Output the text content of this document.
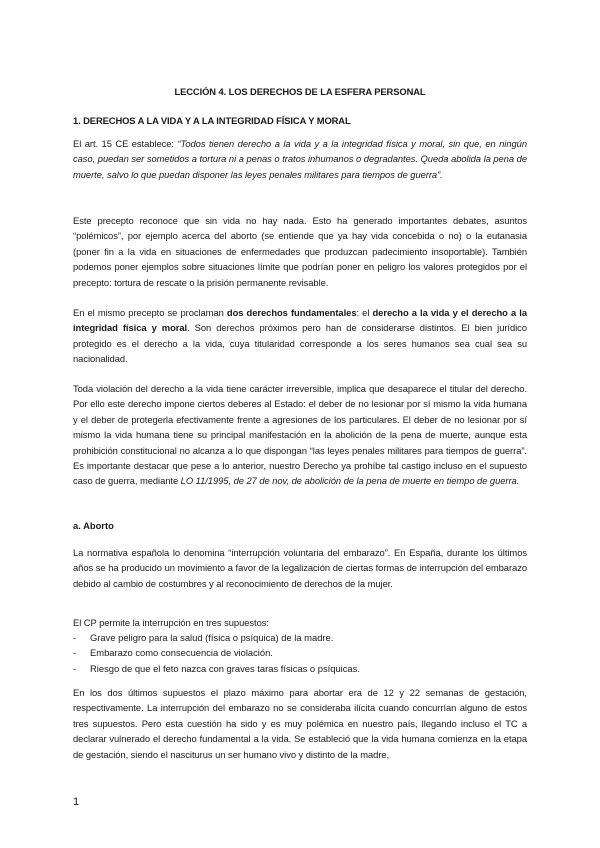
LECCIÓN 4. LOS DERECHOS DE LA ESFERA PERSONAL
1. DERECHOS A LA VIDA Y A LA INTEGRIDAD FÍSICA Y MORAL
El art. 15 CE establece: “Todos tienen derecho a la vida y a la integridad física y moral, sin que, en ningún caso, puedan ser sometidos a tortura ni a penas o tratos inhumanos o degradantes. Queda abolida la pena de muerte, salvo lo que puedan disponer las leyes penales militares para tiempos de guerra”.
Este precepto reconoce que sin vida no hay nada. Esto ha generado importantes debates, asuntos “polémicos”, por ejemplo acerca del aborto (se entiende que ya hay vida concebida o no) o la eutanasia (poner fin a la vida en situaciones de enfermedades que produzcan padecimiento insoportable). También podemos poner ejemplos sobre situaciones límite que podrían poner en peligro los valores protegidos por el precepto: tortura de rescate o la prisión permanente revisable.
En el mismo precepto se proclaman dos derechos fundamentales: el derecho a la vida y el derecho a la integridad física y moral. Son derechos próximos pero han de considerarse distintos. El bien jurídico protegido es el derecho a la vida, cuya titularidad corresponde a los seres humanos sea cual sea su nacionalidad.
Toda violación del derecho a la vida tiene carácter irreversible, implica que desaparece el titular del derecho. Por ello este derecho impone ciertos deberes al Estado: el deber de no lesionar por sí mismo la vida humana y el deber de protegerla efectivamente frente a agresiones de los particulares. El deber de no lesionar por sí mismo la vida humana tiene su principal manifestación en la abolición de la pena de muerte, aunque esta prohibición constitucional no alcanza a lo que dispongan “las leyes penales militares para tiempos de guerra”. Es importante destacar que pese a lo anterior, nuestro Derecho ya prohíbe tal castigo incluso en el supuesto caso de guerra, mediante LO 11/1995, de 27 de nov, de abolición de la pena de muerte en tiempo de guerra.
a. Aborto
La normativa española lo denomina “interrupción voluntaria del embarazo”. En España, durante los últimos años se ha producido un movimiento a favor de la legalización de ciertas formas de interrupción del embarazo debido al cambio de costumbres y al reconocimiento de derechos de la mujer.
El CP permite la interrupción en tres supuestos:
- Grave peligro para la salud (física o psíquica) de la madre.
- Embarazo como consecuencia de violación.
- Riesgo de que el feto nazca con graves taras físicas o psíquicas.
En los dos últimos supuestos el plazo máximo para abortar era de 12 y 22 semanas de gestación, respectivamente. La interrupción del embarazo no se consideraba ilícita cuando concurrían alguno de estos tres supuestos. Pero esta cuestión ha sido y es muy polémica en nuestro país, llegando incluso el TC a declarar vulnerado el derecho fundamental a la vida. Se estableció que la vida humana comienza en la etapa de gestación, siendo el nasciturus un ser humano vivo y distinto de la madre,
1
